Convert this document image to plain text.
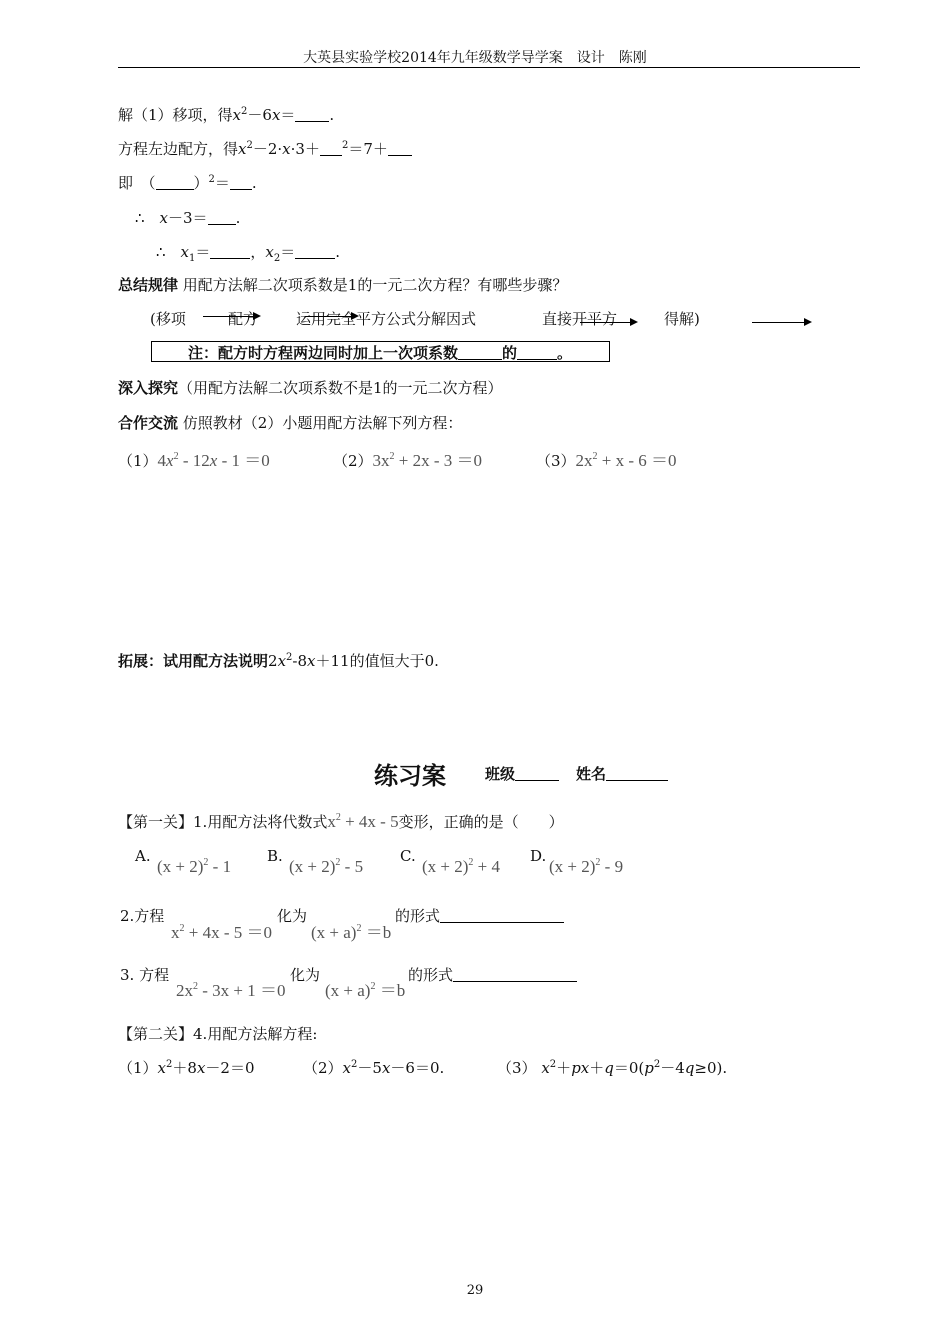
大英县实验学校2014年九年级数学导学案　设计　陈刚
解（1）移项，得$x^2-6x=$ .
方程左边配方，得$x^2-2\cdot x\cdot 3+ ^2=7+$
即　（	）$^2$＝ .
∴　x－3＝ .
∴　$x_1=$	，$x_2=$	.
总结规律 用配方法解二次项系数是1的一元二次方程？有哪些步骤？
(移项	配方	运用完全平方公式分解因式	直接开平方	得解)
注：配方时方程两边同时加上一次项系数	的	。
深入探究（用配方法解二次项系数不是1的一元二次方程）
合作交流 仿照教材（2）小题用配方法解下列方程：
$(1)4x^2 - 12x - 1 =0$	$(2)3x^2 + 2x - 3 =0$	$(3)2x^2 + x - 6 =0$
拓展：试用配方法说明$2x^2-8x+11$的值恒大于0.
练习案	班级	姓名
【第一关】1.用配方法将代数式$x^2 + 4x - 5$变形，正确的是（　　）
A.
$(x + 2)^2 - 1$
B.
$(x + 2)^2 - 5$
C.
$(x + 2)^2 + 4$
D.
$(x + 2)^2 - 9$
2.方程
$x^2 + 4x - 5 =0$
化为
$(x + a)^2 =b$
的形式
3. 方程
$2x^2 - 3x + 1 =0$
化为
$(x + a)^2 =b$
的形式
【第二关】4.用配方法解方程:
$(1)x^2+8x-2=0$	$(2)x^2-5x-6=0$.	（3） $x^2+px+q=0(p^2-4q\ge 0)$.
29
